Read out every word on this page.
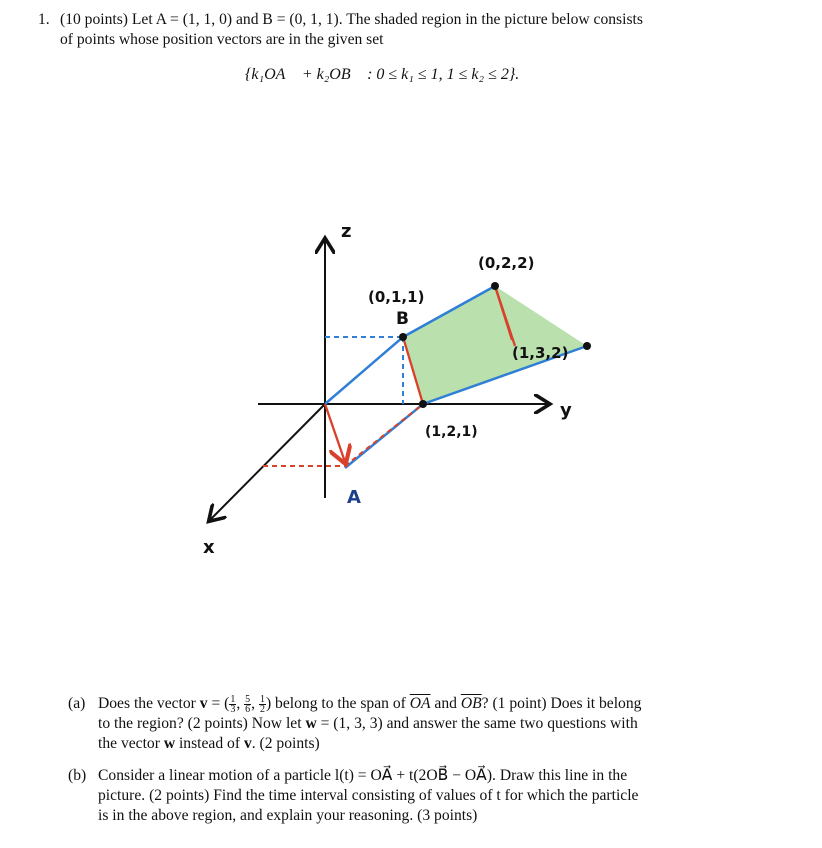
1. (10 points) Let A = (1, 1, 0) and B = (0, 1, 1). The shaded region in the picture below consists
of points whose position vectors are in the given set
{k₁OA⃗ + k₂OB⃗ : 0 ≤ k₁ ≤ 1, 1 ≤ k₂ ≤ 2}.
z
y
x
(0,1,1)
B
A
(0,2,2)
(1,3,2)
(1,2,1)
(a) Does the vector v = ( $\frac{1}{3}$ , $\frac{5}{6}$ , $\frac{1}{2}$ ) belong to the span of $\overline{OA}$ and $\overline{OB}$? (1 point) Does it belong
to the region? (2 points) Now let w = (1, 3, 3) and answer the same two questions with
the vector w instead of v. (2 points)
(b) Consider a linear motion of a particle l(t) = OA⃗ + t(2OB⃗ − OA⃗). Draw this line in the
picture. (2 points) Find the time interval consisting of values of t for which the particle
is in the above region, and explain your reasoning. (3 points)
